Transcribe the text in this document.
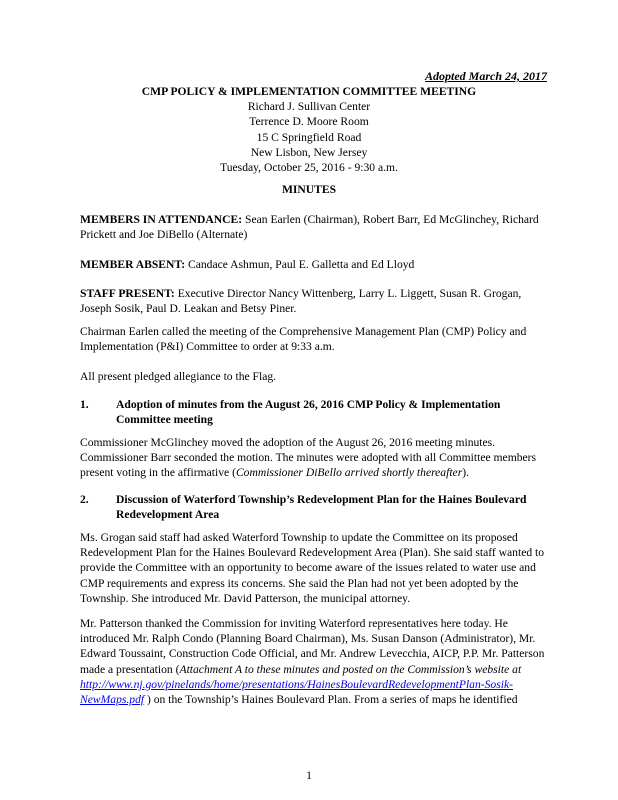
Adopted March 24, 2017
CMP POLICY & IMPLEMENTATION COMMITTEE MEETING
Richard J. Sullivan Center
Terrence D. Moore Room
15 C Springfield Road
New Lisbon, New Jersey
Tuesday, October 25, 2016 - 9:30 a.m.
MINUTES

MEMBERS IN ATTENDANCE: Sean Earlen (Chairman), Robert Barr, Ed McGlinchey, Richard Prickett and Joe DiBello (Alternate)

MEMBER ABSENT: Candace Ashmun, Paul E. Galletta and Ed Lloyd

STAFF PRESENT: Executive Director Nancy Wittenberg, Larry L. Liggett, Susan R. Grogan, Joseph Sosik, Paul D. Leakan and Betsy Piner.

Chairman Earlen called the meeting of the Comprehensive Management Plan (CMP) Policy and Implementation (P&I) Committee to order at 9:33 a.m.

All present pledged allegiance to the Flag.

1. Adoption of minutes from the August 26, 2016 CMP Policy & Implementation Committee meeting

Commissioner McGlinchey moved the adoption of the August 26, 2016 meeting minutes. Commissioner Barr seconded the motion. The minutes were adopted with all Committee members present voting in the affirmative (Commissioner DiBello arrived shortly thereafter).

2. Discussion of Waterford Township’s Redevelopment Plan for the Haines Boulevard Redevelopment Area

Ms. Grogan said staff had asked Waterford Township to update the Committee on its proposed Redevelopment Plan for the Haines Boulevard Redevelopment Area (Plan). She said staff wanted to provide the Committee with an opportunity to become aware of the issues related to water use and CMP requirements and express its concerns. She said the Plan had not yet been adopted by the Township. She introduced Mr. David Patterson, the municipal attorney.

Mr. Patterson thanked the Commission for inviting Waterford representatives here today. He introduced Mr. Ralph Condo (Planning Board Chairman), Ms. Susan Danson (Administrator), Mr. Edward Toussaint, Construction Code Official, and Mr. Andrew Levecchia, AICP, P.P. Mr. Patterson made a presentation (Attachment A to these minutes and posted on the Commission’s website at
http://www.nj.gov/pinelands/home/presentations/HainesBoulevardRedevelopmentPlan-Sosik-NewMaps.pdf ) on the Township’s Haines Boulevard Plan. From a series of maps he identified

1
